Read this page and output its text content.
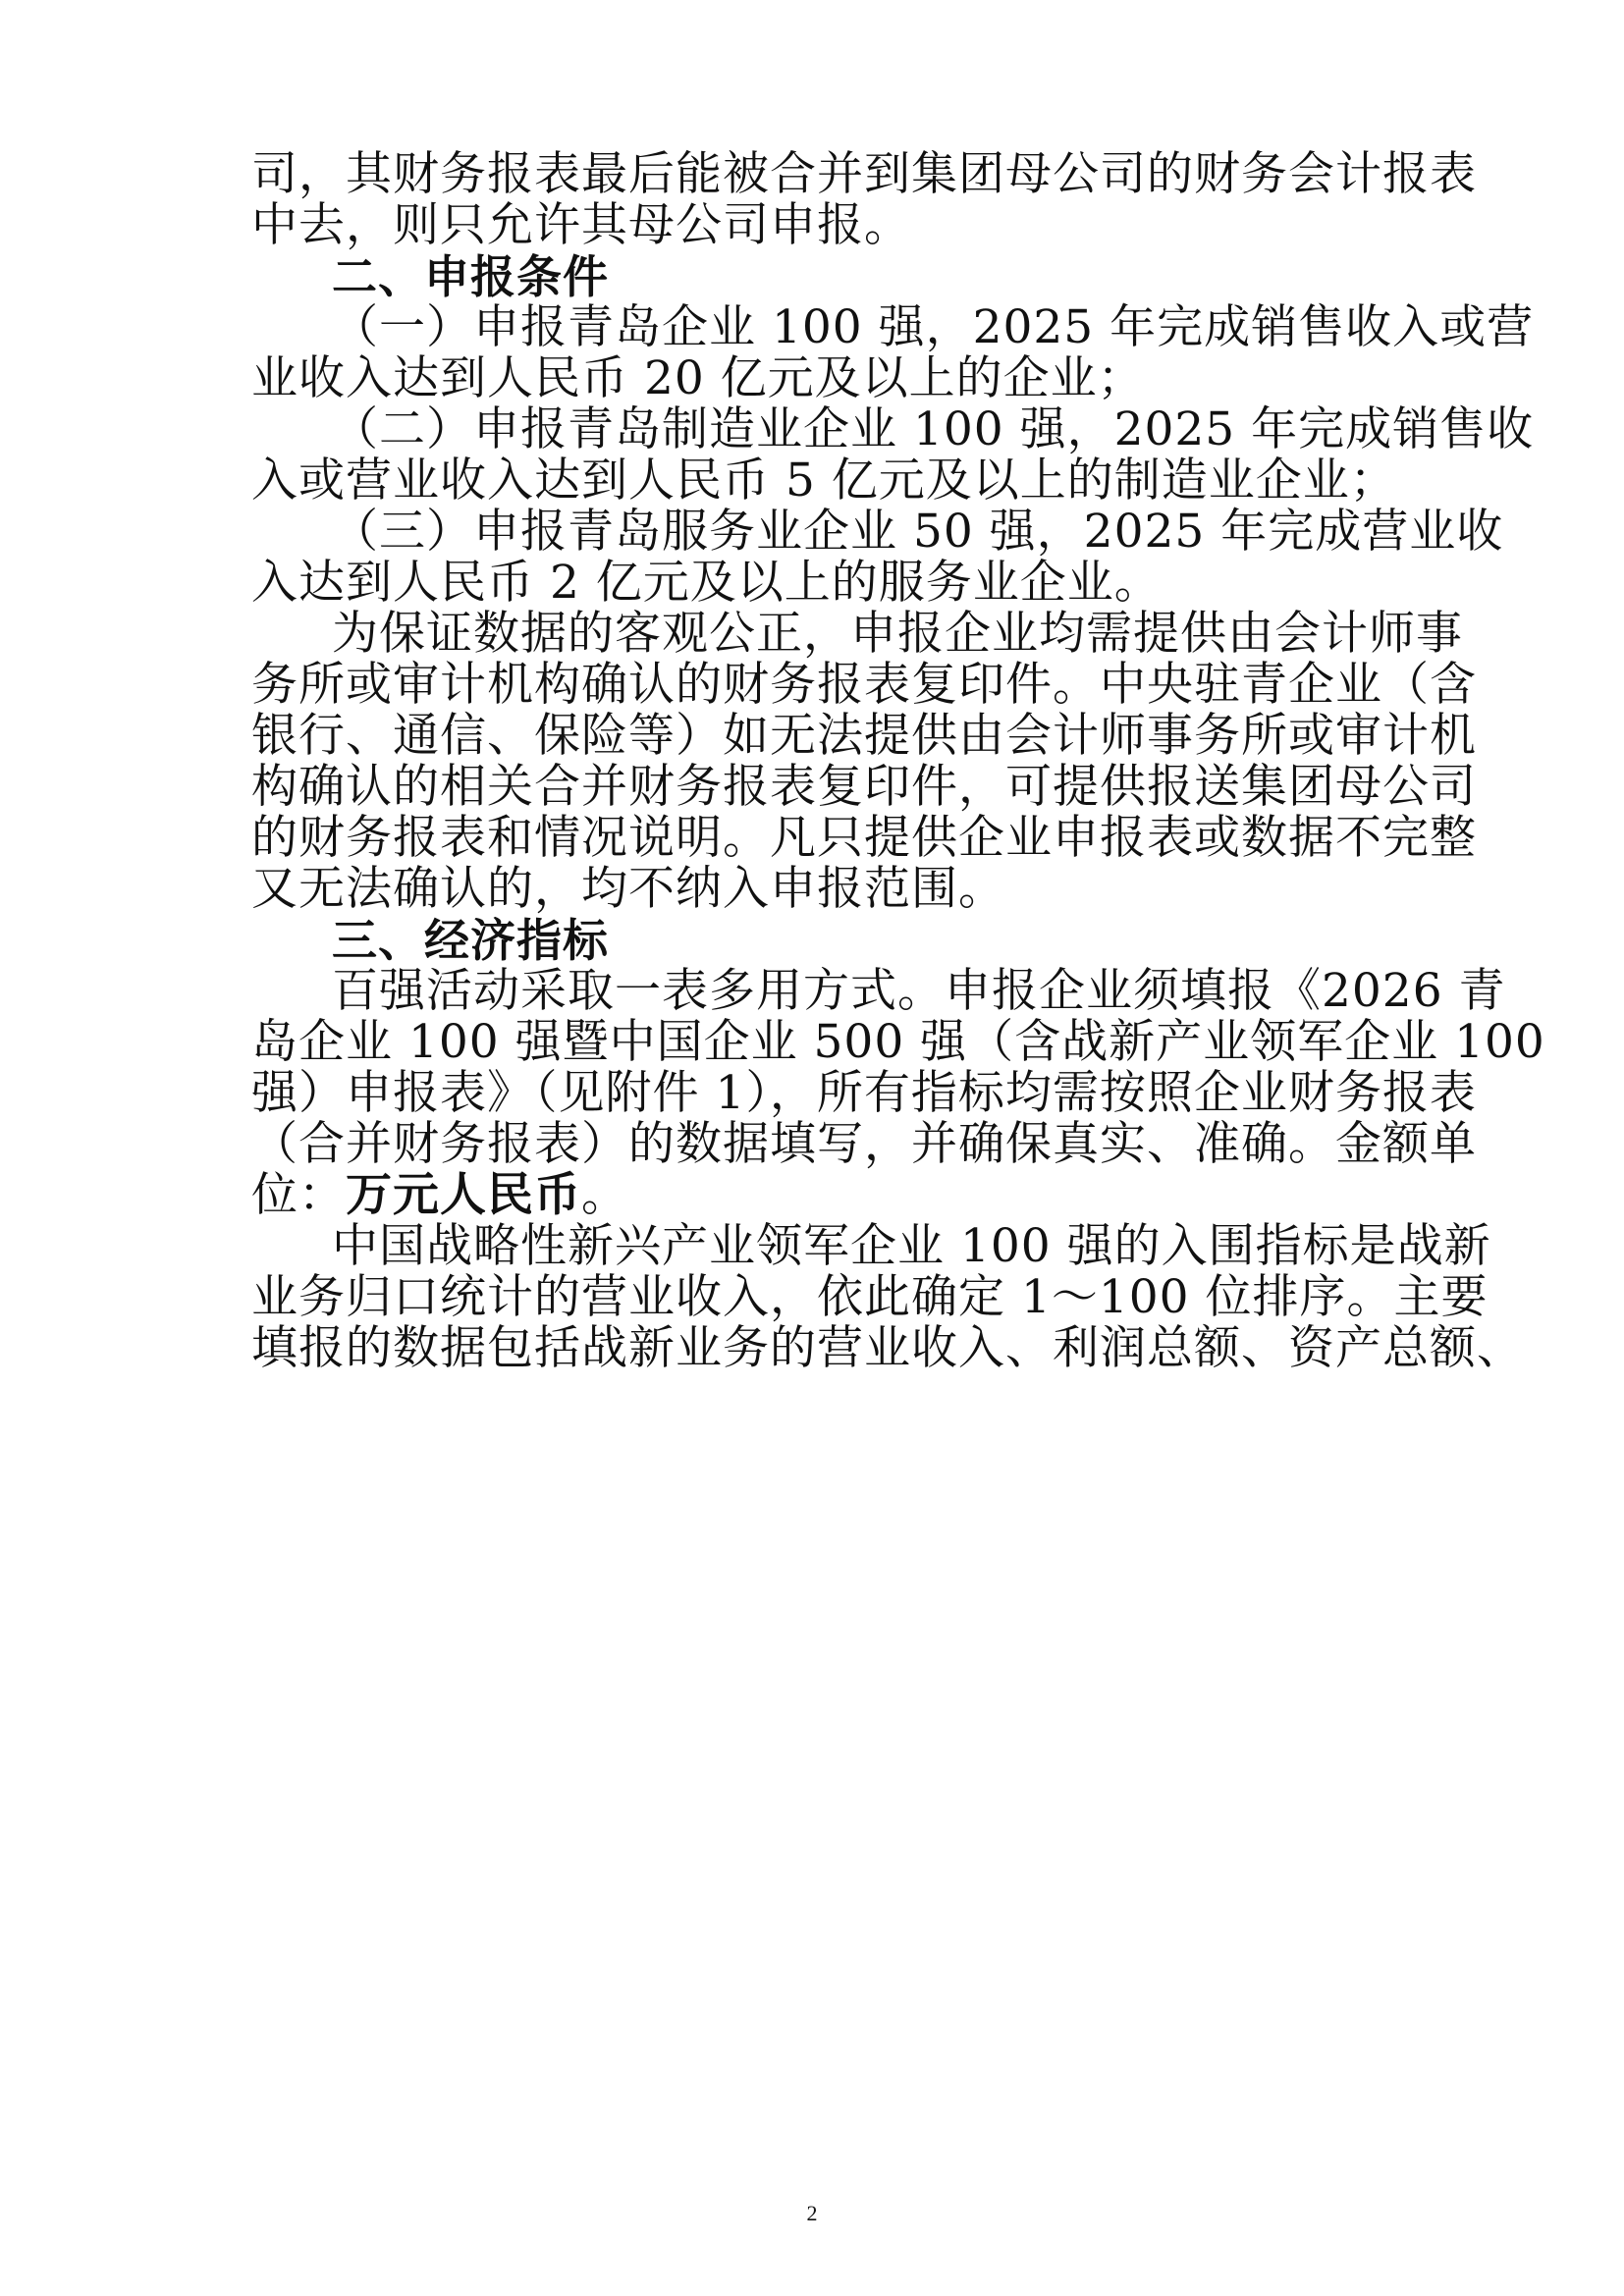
司，其财务报表最后能被合并到集团母公司的财务会计报表
中去，则只允许其母公司申报。
二、申报条件
（一）申报青岛企业 100 强，2025 年完成销售收入或营
业收入达到人民币 20 亿元及以上的企业；
（二）申报青岛制造业企业 100 强，2025 年完成销售收
入或营业收入达到人民币 5 亿元及以上的制造业企业；
（三）申报青岛服务业企业 50 强，2025 年完成营业收
入达到人民币 2 亿元及以上的服务业企业。
为保证数据的客观公正，申报企业均需提供由会计师事
务所或审计机构确认的财务报表复印件。中央驻青企业（含
银行、通信、保险等）如无法提供由会计师事务所或审计机
构确认的相关合并财务报表复印件，可提供报送集团母公司
的财务报表和情况说明。凡只提供企业申报表或数据不完整
又无法确认的，均不纳入申报范围。
三、经济指标
百强活动采取一表多用方式。申报企业须填报《2026 青
岛企业 100 强暨中国企业 500 强（含战新产业领军企业 100
强）申报表》（见附件 1），所有指标均需按照企业财务报表
（合并财务报表）的数据填写，并确保真实、准确。金额单
位：万元人民币。
中国战略性新兴产业领军企业 100 强的入围指标是战新
业务归口统计的营业收入，依此确定 1～100 位排序。主要
填报的数据包括战新业务的营业收入、利润总额、资产总额、
2
